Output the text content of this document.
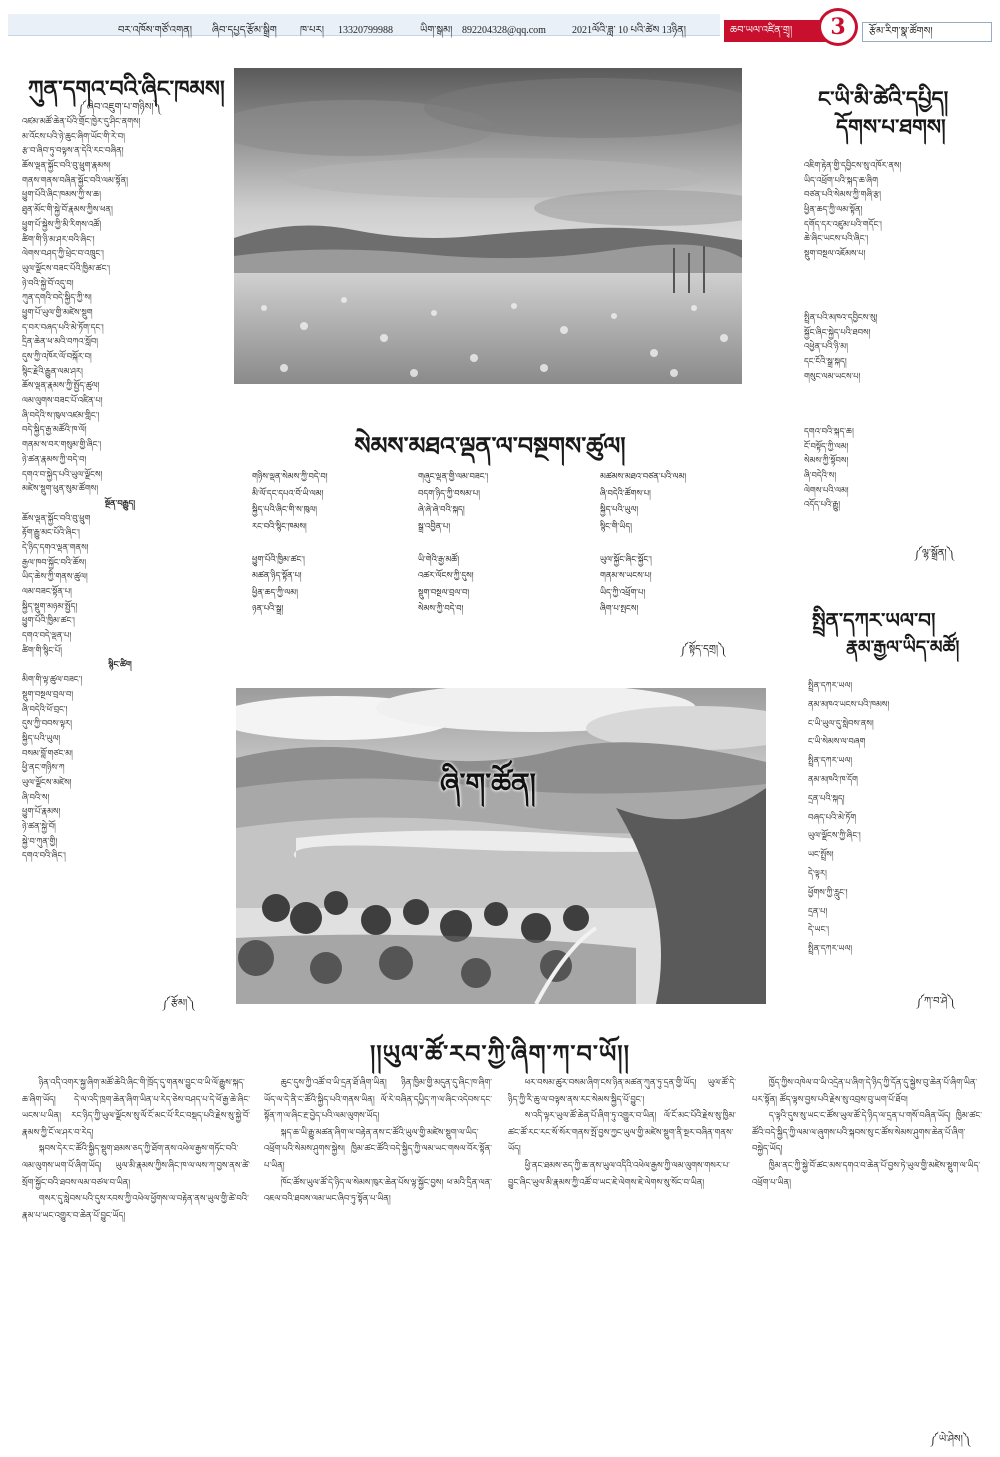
བར་འཁོས་གཙོ་འགན། ཞིབ་དཔྱད་རྩོམ་སྒྲིག ཁ་པར། 13320799988	ཡིག་སྒམ། 892204328@qq.com	2021ལོའི་ཟླ་ 10 པའི་ཚེས 13ཉིན།	ཆབ་ཡལ་འཛིན་གྲྭ།	3	རྩོམ་རིག་སྣ་ཚོགས།
ཀུན་དགའ་བའི་ཞིང་ཁམས།
༼ཞིབ་འཇུག་པ་གཉིས།༽
འཛམ་མཚོ་ཆེན་པོའི་གྲོང་ཁྱེར་དུ་ཤིང་ནགས།
མ་འོངས་པའི་ཉེ་ཆུང་ཞིག་ཡོང་གི་རེ་བ།
རྩ་བ་ཞིབ་ཏུ་བལྟས་ན་དེའི་རང་བཞིན།
ཆོས་ལྡན་སྐྱོང་བའི་བུ་ཕྲུག་རྣམས།
གནས་གནས་བཞིན་སྐྱོང་བའི་ལམ་སྟོན།
ཕྱུག་པོའི་ཞིང་ཁམས་ཀྱི་ས་ཆ།
ཐུན་མོང་གི་སྐྱེ་བོ་རྣམས་ཀྱིས་ཕན།
ཕྱུག་པོ་སྐྱེས་ཀྱི་མི་རིགས་འཚོ།
ཚིག་གི་ཉི་མ་ཤར་བའི་ཞིང་།
ལེགས་བཤད་ཀྱི་ཕྲེང་བ་འཁྲུང་།
ཡུལ་ལྗོངས་བཟང་པོའི་ཁྱིམ་ཚང་།
ཉེ་བའི་སྐྱེ་བོ་འདུ་བ།
ཀུན་དགའི་བདེ་སྐྱིད་ཀྱི་ས།
ཕྱུག་པོ་ཡུལ་གྱི་མཛེས་སྡུག
ད་བར་བཞད་པའི་མེ་ཏོག་དང་།
དྲིན་ཆེན་ཕ་མའི་བཀའ་སློབ།
དུས་ཀྱི་འཁོར་ལོ་བསྐོར་བ།
སྙིང་རྗེའི་རྒྱུན་ལམ་ཤར།
ཆོས་ལྡན་རྣམས་ཀྱི་སྤྱོད་ཚུལ།
ལམ་ལུགས་བཟང་པོ་འཛིན་པ།
ཞི་བདེའི་ས་ཁུལ་འཛམ་གླིང་།
བདེ་སྐྱིད་རྒྱ་མཚོའི་ཁ་ལོ།
གནམ་ས་བར་གསུམ་གྱི་ཞིང་།
ཉེ་ཚན་རྣམས་ཀྱི་བདེ་བ།
དགའ་བ་སྐྱེད་པའི་ཡུལ་ལྗོངས།
མཛེས་སྡུག་ཕུན་སུམ་ཚོགས།
སྔོན་བརྒྱུད།
ཆོས་ལྡན་སྐྱོང་བའི་བུ་ཕྲུག
རྟོག་རྒྱུ་མང་པོའི་ཞིང་།
དེ་ཉིད་དགའ་ལྡན་གནས།
རྒྱལ་ཁབ་སྐྱོང་བའི་ཆོས།
ཡིད་ཆེས་ཀྱི་གནས་ཚུལ།
ལམ་བཟང་སྟོན་པ།
སྐྱིད་སྡུག་མཉམ་སྤྱོད།
ཕྱུག་པོའི་ཁྱིམ་ཚང་།
དགའ་བདེ་ལྡན་པ།
ཚིག་གི་སྙིང་པོ།
སྙིང་ཚིག
མིག་གི་ལྟ་ཚུལ་བཟང་།
སྡུག་བསྔལ་བྲལ་བ།
ཞི་བདེའི་ཕོ་བྲང་།
དུས་ཀྱི་བབས་ལྟར།
སྐྱིད་པའི་ཡུལ།
བསམ་བློ་གཙང་མ།
ཕྱི་ནང་གཉིས་ཀ
ཡུལ་ལྗོངས་མཛེས།
ཞི་བའི་ས།
ཕྱུག་པོ་རྣམས།
ཉེ་ཚན་སྐྱེ་བོ།
སྐྱེ་བ་ཀུན་གྱི།
དགའ་བའི་ཞིང་།
༼རྩོམ།༽
ང་ཡི་མི་ཚེའི་དཔྱིད།
དོགས་པ་ཐགས།
འཇིག་རྟེན་གྱི་དབྱིངས་སུ་འཁོར་ནས།
ཡིད་འཕྲོག་པའི་སྐད་ཆ་ཞིག
བཙན་པའི་སེམས་ཀྱི་གཞི་རྩ།
ཕྱིན་ཆད་ཀྱི་ལམ་སྟོན།
དགོད་དར་འཛུམ་པའི་གདོང་།
ཆེ་ཞིང་ཡངས་པའི་ཞིང་།
སྡུག་བསྔལ་འཇོམས་པ།
སྤྲིན་པའི་མཁའ་དབྱིངས་སུ།
སྐྱོང་ཞིང་སྐྱེད་པའི་ཐབས།
འཕྱེན་པའི་ཉི་མ།
དང་ངོའི་སྒྲ་སྐད།
གསུང་ལམ་ཡངས་པ།
དགའ་བའི་སྐད་ཆ།
ངོ་བསྟོད་ཀྱི་ལམ།
སེམས་ཀྱི་སྟོབས།
ཞི་བདེའི་ས།
ལེགས་པའི་ལམ།
འདོད་པའི་རྒྱུ།
༼ལྷ་སྒྲོན།༽
སྤྲིན་དཀར་ཡལ་བ།
རྣམ་རྒྱལ་ཡིད་མཚོ།
སྤྲིན་དཀར་ཡལ།
ནམ་མཁའ་ཡངས་པའི་ཁམས།
ང་ཡི་ཡུལ་དུ་སླེབས་ནས།
ང་ཡི་སེམས་ལ་བཞག
སྤྲིན་དཀར་ཡལ།
ནམ་མཁའི་ཁ་དོག
དྲན་པའི་སྐད།
བཞད་པའི་མེ་ཏོག
ཡུལ་ལྗོངས་ཀྱི་ཞིང་།
ཡང་སྤྲོས།
དེ་ལྟར།
ཕྱོགས་ཀྱི་རླུང་།
དྲན་པ།
དེ་ཡང་།
སྤྲིན་དཀར་ཡལ།
༼ཀ་བ་ཤེ༽
སེམས་མཐའ་ལྡན་ལ་བསྔགས་ཚུལ།
གཉིས་ལྡན་སེམས་ཀྱི་བདེ་བ།
མི་ལོ་དང་དཔའ་བོ་ཡི་ལམ།
སྐྱིད་པའི་ཞིང་གི་ས་ཁུལ།
རང་བའི་སྙིང་ཁམས།
ཕྱུག་པོའི་ཁྱིམ་ཚང་།
མཚན་ཉིད་སྟོན་པ།
ཕྱིན་ཆད་ཀྱི་ལམ།
ཉན་པའི་སྒྲ།
གཞུང་ལྡན་གྱི་ལམ་བཟང་།
བདག་ཉིད་ཀྱི་བསམ་པ།
ཞེ་ཞེ་ཞེ་བའི་སྐད།
སྒྲ་འབྱིན་པ།
ཡི་གེའི་རྒྱ་མཚོ།
འཚར་ལོངས་ཀྱི་དུས།
སྡུག་བསྔལ་བྲལ་བ།
སེམས་ཀྱི་བདེ་བ།
མཚམས་མཐའ་བཙན་པའི་ལམ།
ཞི་བདེའི་ཚོགས་པ།
སྐྱིད་པའི་ཡུལ།
སྙིང་གི་ཡིད།
ཡུལ་སྐྱོང་ཞིང་སྐྱོང་།
གནམ་ས་ཡངས་པ།
ཡིད་ཀྱི་འཕྲོག་པ།
ཞིག་པ་སྤངས།
༼སྟོད་དགྲ།༽
ཞི་ག་ཚོན།
།།ཡུལ་ཚོ་རབ་ཀྱི་ཞིག་ཀ་བ་ཡོ།།

ཉིན་འདི་འགར་སྐྱ་ཞིག་མཚོ་ཆེའི་ཞིང་གི་ཁྲོད་དུ་གནས་བྱུང་བ་ཡི་ལོ་རྒྱུས་སྐད་ཆ་ཞིག་ཡོད། དེ་ལ་འདི་ཁྲག་ཆེན་ཞིག་ཡིན་པ་རེད་ཅེས་བཤད་པ་དེ་ཕོ་རྒྱ་ཆེ་ཞིང་ཡངས་པ་ཡིན། རང་ཉིད་ཀྱི་ཡུལ་ལྗོངས་སུ་ལོ་ངོ་མང་པོ་རིང་བསྡད་པའི་རྗེས་སུ་སྐྱེ་བོ་རྣམས་ཀྱི་ངོ་ལ་ཤར་བ་རེད།

སྐབས་དེར་ང་ཚོའི་སྐྱིད་སྡུག་ཐམས་ཅད་ཀྱི་ཐོག་ནས་འཕེལ་རྒྱས་གཏོང་བའི་ལམ་ལུགས་ཡག་པོ་ཞིག་ཡོད། ཡུལ་མི་རྣམས་ཀྱིས་ཞིང་ཁ་ལ་ལས་ཀ་བྱས་ནས་ཚེ་སྲོག་སྐྱོང་བའི་ཐབས་ལམ་བཙལ་བ་ཡིན།

གསར་དུ་སླེབས་པའི་དུས་རབས་ཀྱི་འཕེལ་ཕྱོགས་ལ་བརྟེན་ནས་ཡུལ་གྱི་ཚེ་བའི་རྣམ་པ་ཡང་འགྱུར་བ་ཆེན་པོ་བྱུང་ཡོད།

ཆུང་དུས་ཀྱི་འཚོ་བ་ཡི་དྲན་ཐོ་ཞིག་ཡིན། ཉིན་ཁྱིམ་གྱི་མདུན་དུ་ཞིང་ཁ་ཞིག་ཡོད་ལ་དེ་ནི་ང་ཚོའི་སྐྱིད་པའི་གནས་ཡིན། ལོ་རེ་བཞིན་དཔྱིད་ཀ་ལ་ཞིང་འདེབས་དང་སྟོན་ཀ་ལ་ཞིང་རྔ་བྱེད་པའི་ལམ་ལུགས་ཡོད།

སྐད་ཆ་ཡི་རྒྱུ་མཚན་ཞིག་ལ་བརྟེན་ནས་ང་ཚོའི་ཡུལ་གྱི་མཛེས་སྡུག་ལ་ཡིད་འཕྲོག་པའི་སེམས་ཤུགས་སྐྱེས། ཁྱིམ་ཚང་ཚོའི་བདེ་སྐྱིད་ཀྱི་ལམ་ཡང་གསལ་བོར་སྟོན་པ་ཡིན།

ཁོང་ཚོས་ཡུལ་ཚོ་དེ་ཉིད་ལ་སེམས་ཁུར་ཆེན་པོས་ལྟ་སྐྱོང་བྱས། ཕ་མའི་དྲིན་ལན་འཇལ་བའི་ཐབས་ལམ་ཡང་ཞིབ་ཏུ་སྟོན་པ་ཡིན།

ཕར་བསམ་ཚུར་བསམ་ཞིག་ངས་ཉིན་མཚན་ཀུན་ཏུ་དྲན་གྱི་ཡོད། ཡུལ་ཚོ་དེ་ཉིད་ཀྱི་རི་ཆུ་ལ་བལྟས་ནས་རང་སེམས་སྐྱིད་པོ་བྱུང་།

ས་འདི་ལྟར་ཡུལ་ཚོ་ཆེན་པོ་ཞིག་ཏུ་འགྱུར་བ་ཡིན། ལོ་ངོ་མང་པོའི་རྗེས་སུ་ཁྱིམ་ཚང་ཚོ་རང་རང་སོ་སོར་གནས་སྤོ་བྱས་ཀྱང་ཡུལ་གྱི་མཛེས་སྡུག་ནི་སྔར་བཞིན་གནས་ཡོད།

ཕྱི་ནང་ཐམས་ཅད་ཀྱི་ཆ་ནས་ཡུལ་འདིའི་འཕེལ་རྒྱས་ཀྱི་ལམ་ལུགས་གསར་པ་བྱུང་ཞིང་ཡུལ་མི་རྣམས་ཀྱི་འཚོ་བ་ཡང་ཇེ་ལེགས་ཇེ་ལེགས་སུ་སོང་བ་ཡིན།

ཁྱོད་ཀྱིས་འཁེལ་བ་ཡི་འདྲེན་པ་ཞིག་དེ་ཉིད་ཀྱི་དོན་དུ་སྐྱེས་བུ་ཆེན་པོ་ཞིག་ཡིན་པར་སྟོན། ཚོད་ལྟས་བྱས་པའི་རྗེས་སུ་འབྲས་བུ་ཡག་པོ་ཐོབ།

ད་ལྟའི་དུས་སུ་ཡང་ང་ཚོས་ཡུལ་ཚོ་དེ་ཉིད་ལ་དྲན་པ་གསོ་བཞིན་ཡོད། ཁྱིམ་ཚང་ཚོའི་བདེ་སྐྱིད་ཀྱི་ལམ་ལ་ཞུགས་པའི་སྐབས་སུ་ང་ཚོས་སེམས་ཤུགས་ཆེན་པོ་ཞིག་བསྐྱེད་ཡོད།

ཁྱིམ་ནང་ཀྱི་སྐྱེ་བོ་ཚང་མས་དགའ་བ་ཆེན་པོ་བྱས་ཏེ་ཡུལ་གྱི་མཛེས་སྡུག་ལ་ཡིད་འཕྲོག་པ་ཡིན།

༼ཡེ་ཤེས།༽
